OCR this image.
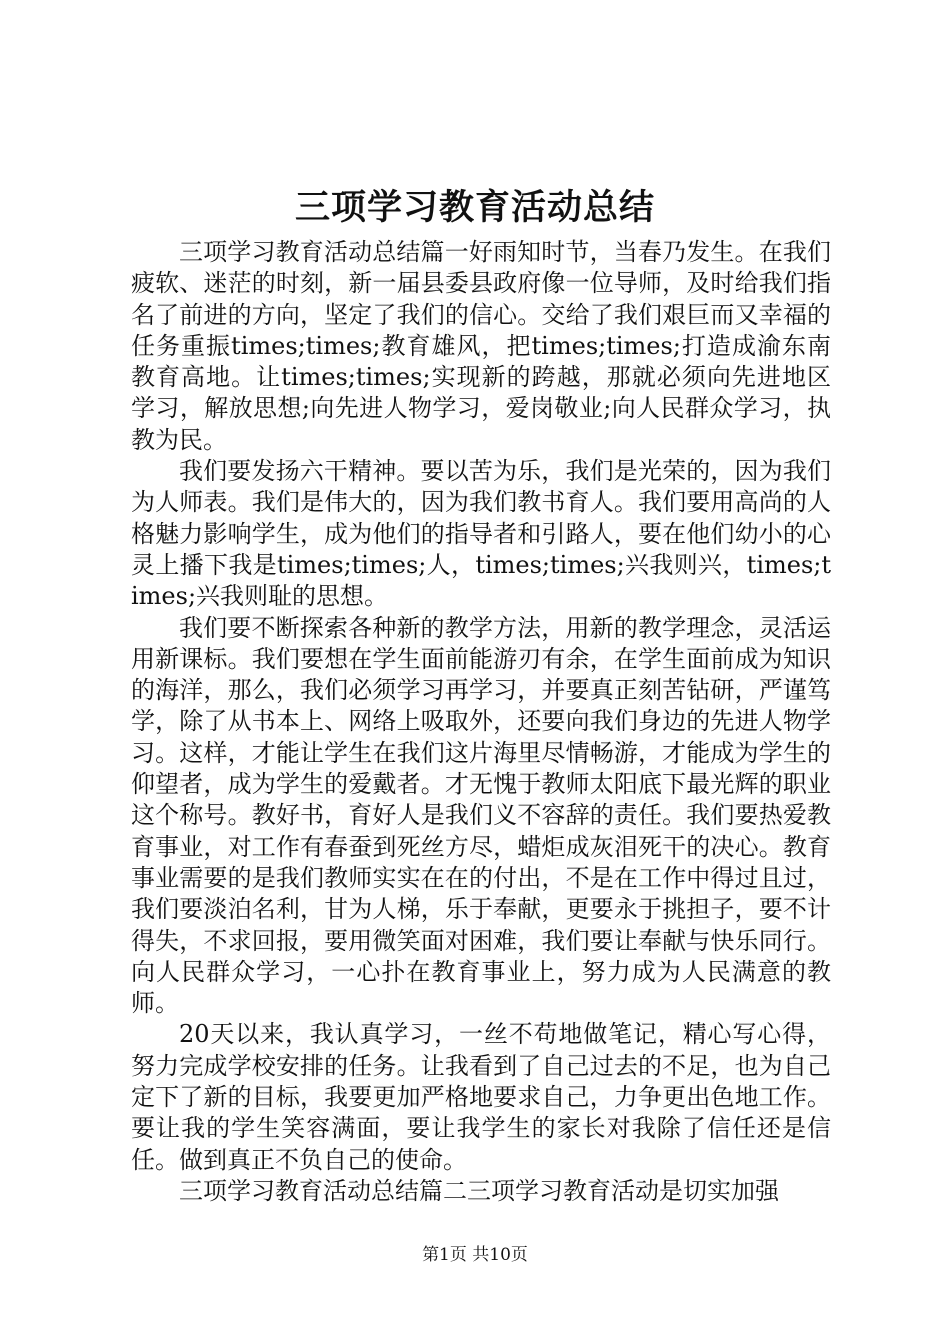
三项学习教育活动总结

三项学习教育活动总结篇一好雨知时节，当春乃发生。在我们疲软、迷茫的时刻，新一届县委县政府像一位导师，及时给我们指名了前进的方向，坚定了我们的信心。交给了我们艰巨而又幸福的任务重振times;times;教育雄风，把times;times;打造成渝东南教育高地。让times;times;实现新的跨越，那就必须向先进地区学习，解放思想;向先进人物学习，爱岗敬业;向人民群众学习，执教为民。

我们要发扬六干精神。要以苦为乐，我们是光荣的，因为我们为人师表。我们是伟大的，因为我们教书育人。我们要用高尚的人格魅力影响学生，成为他们的指导者和引路人，要在他们幼小的心灵上播下我是times;times;人，times;times;兴我则兴，times;times;兴我则耻的思想。

我们要不断探索各种新的教学方法，用新的教学理念，灵活运用新课标。我们要想在学生面前能游刃有余，在学生面前成为知识的海洋，那么，我们必须学习再学习，并要真正刻苦钻研，严谨笃学，除了从书本上、网络上吸取外，还要向我们身边的先进人物学习。这样，才能让学生在我们这片海里尽情畅游，才能成为学生的仰望者，成为学生的爱戴者。才无愧于教师太阳底下最光辉的职业这个称号。教好书，育好人是我们义不容辞的责任。我们要热爱教育事业，对工作有春蚕到死丝方尽，蜡炬成灰泪死干的决心。教育事业需要的是我们教师实实在在的付出，不是在工作中得过且过，我们要淡泊名利，甘为人梯，乐于奉献，更要永于挑担子，要不计得失，不求回报，要用微笑面对困难，我们要让奉献与快乐同行。向人民群众学习，一心扑在教育事业上，努力成为人民满意的教师。

20天以来，我认真学习，一丝不苟地做笔记，精心写心得，努力完成学校安排的任务。让我看到了自己过去的不足，也为自己定下了新的目标，我要更加严格地要求自己，力争更出色地工作。要让我的学生笑容满面，要让我学生的家长对我除了信任还是信任。做到真正不负自己的使命。

三项学习教育活动总结篇二三项学习教育活动是切实加强

第1页 共10页
